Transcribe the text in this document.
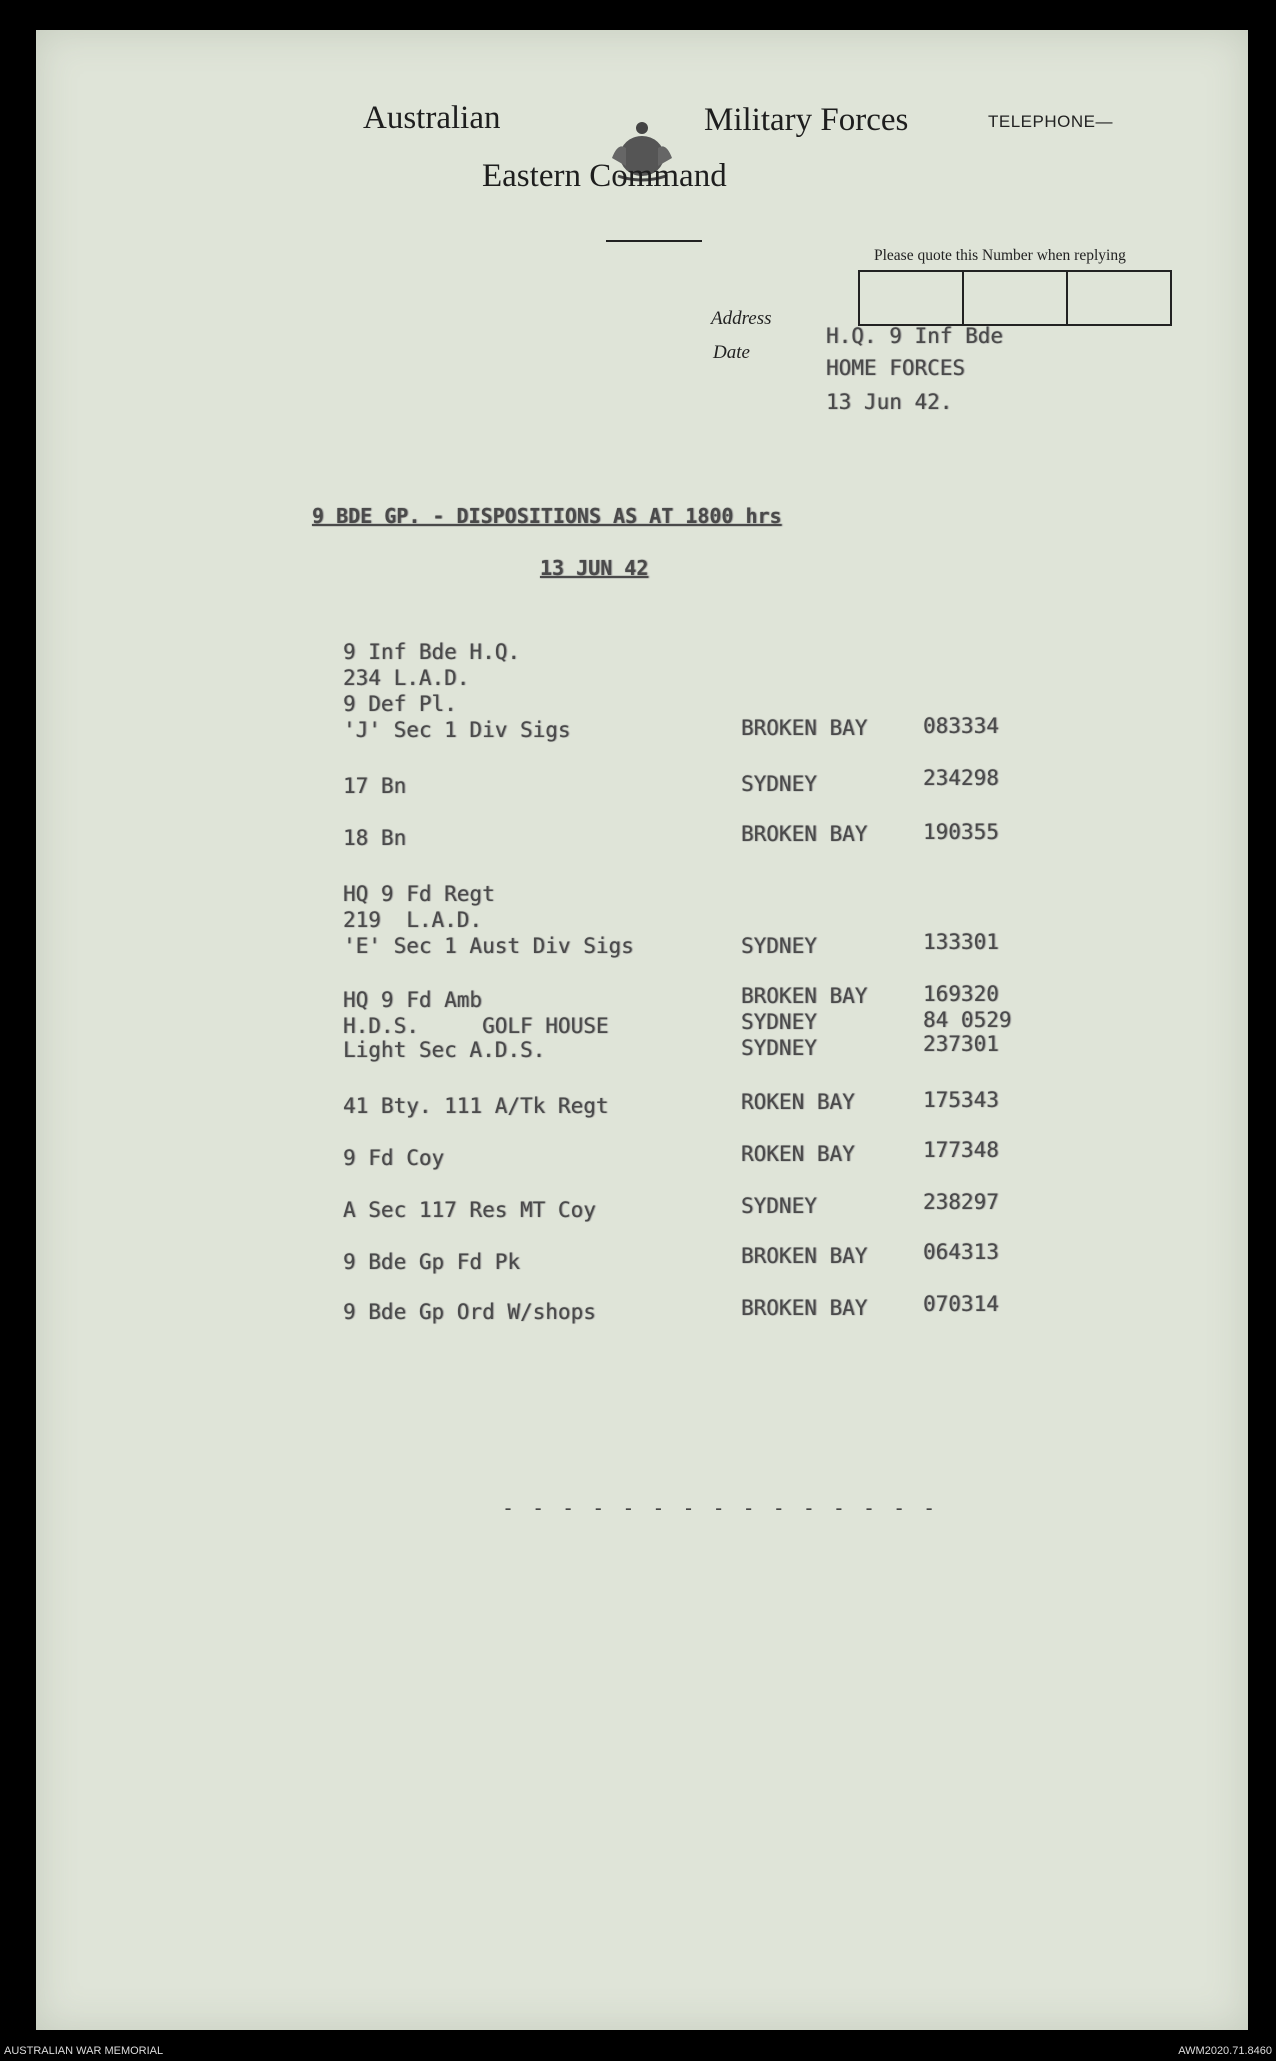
Australian	Military Forces
Eastern Command
TELEPHONE—
Please quote this Number when replying
Address
Date
H.Q. 9 Inf Bde
HOME FORCES
13 Jun 42.
9 BDE GP. - DISPOSITIONS AS AT 1800 hrs
13 JUN 42
9 Inf Bde H.Q.
234 L.A.D.
9 Def Pl.
'J' Sec 1 Div Sigs	BROKEN BAY	083334
17 Bn	SYDNEY	234298
18 Bn	BROKEN BAY	190355
HQ 9 Fd Regt
219  L.A.D.
'E' Sec 1 Aust Div Sigs	SYDNEY	133301
HQ 9 Fd Amb	BROKEN BAY	169320
H.D.S.     GOLF HOUSE	SYDNEY	84 0529
Light Sec A.D.S.	SYDNEY	237301
41 Bty. 111 A/Tk Regt	ROKEN BAY	175343
9 Fd Coy	ROKEN BAY	177348
A Sec 117 Res MT Coy	SYDNEY	238297
9 Bde Gp Fd Pk	BROKEN BAY	064313
9 Bde Gp Ord W/shops	BROKEN BAY	070314
- - - - - - - - - - - - - - -
AUSTRALIAN WAR MEMORIAL	AWM2020.71.8460
